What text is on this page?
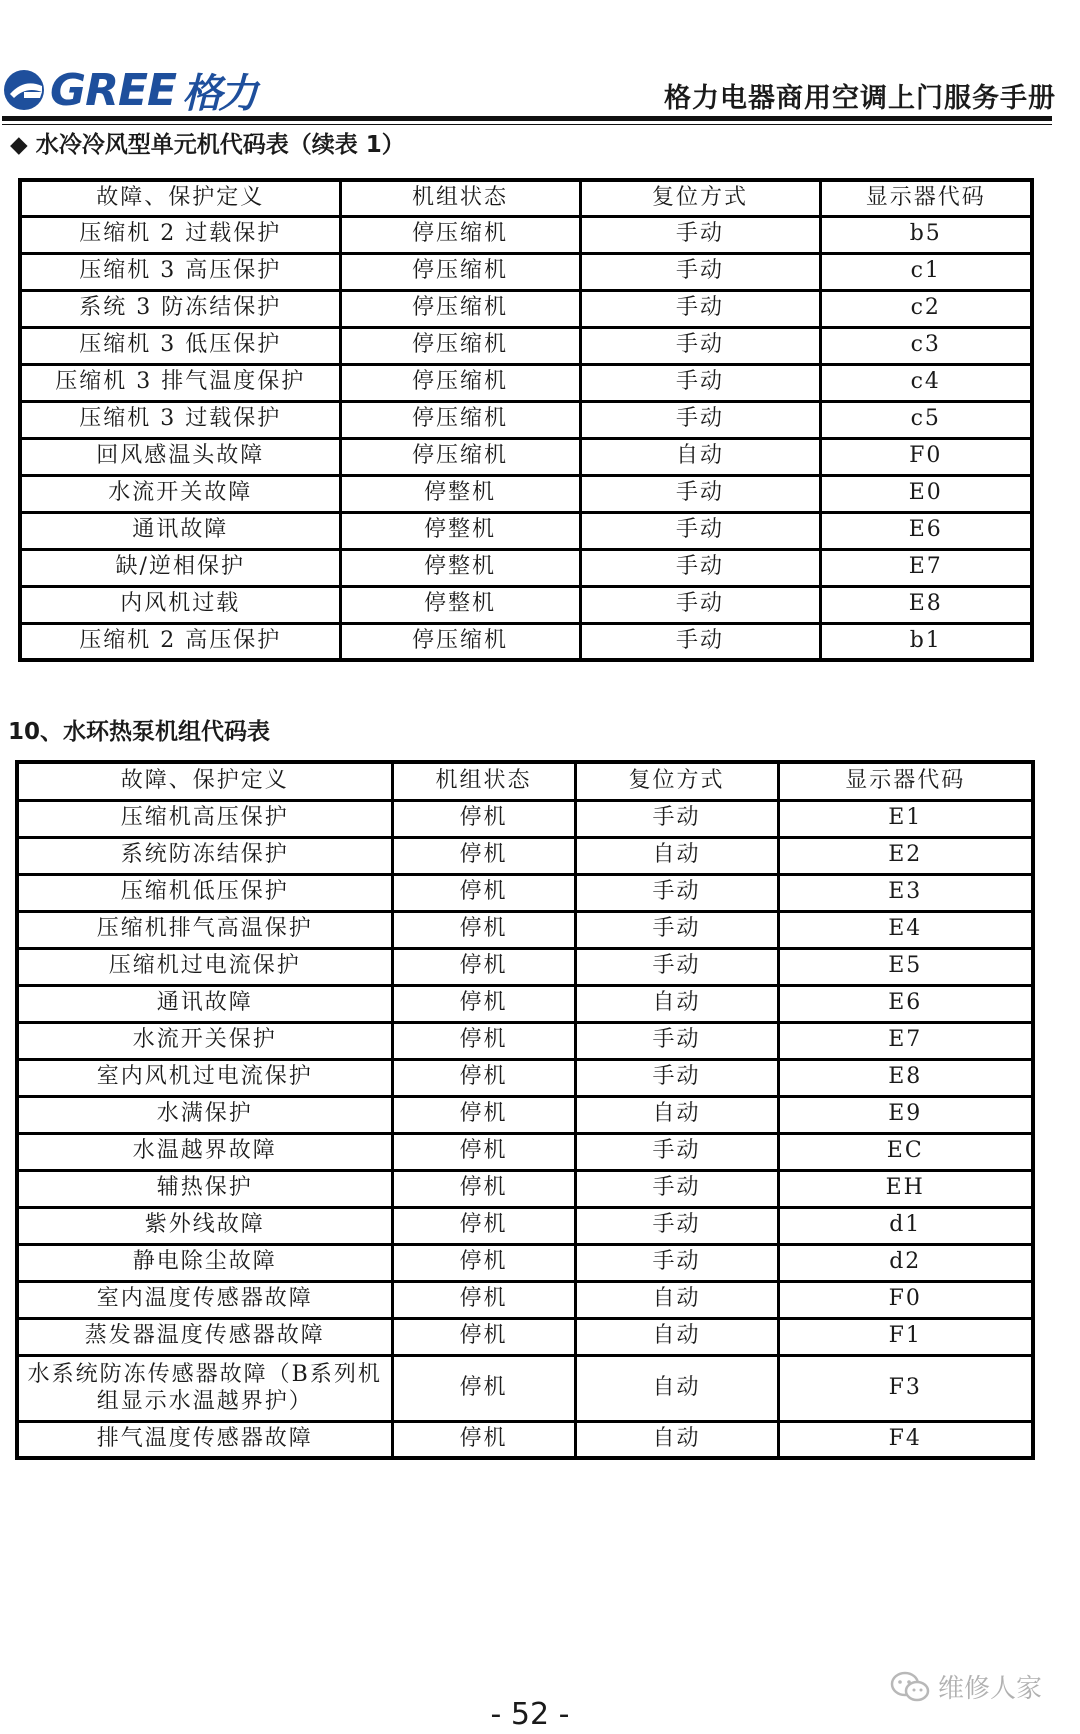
GREE 格力	格力电器商用空调上门服务手册
◆ 水冷冷风型单元机代码表（续表 1）
故障、保护定义	机组状态	复位方式	显示器代码
压缩机 2 过载保护	停压缩机	手动	b5
压缩机 3 高压保护	停压缩机	手动	c1
系统 3 防冻结保护	停压缩机	手动	c2
压缩机 3 低压保护	停压缩机	手动	c3
压缩机 3 排气温度保护	停压缩机	手动	c4
压缩机 3 过载保护	停压缩机	手动	c5
回风感温头故障	停压缩机	自动	F0
水流开关故障	停整机	手动	E0
通讯故障	停整机	手动	E6
缺/逆相保护	停整机	手动	E7
内风机过载	停整机	手动	E8
压缩机 2 高压保护	停压缩机	手动	b1
10、水环热泵机组代码表
故障、保护定义	机组状态	复位方式	显示器代码
压缩机高压保护	停机	手动	E1
系统防冻结保护	停机	自动	E2
压缩机低压保护	停机	手动	E3
压缩机排气高温保护	停机	手动	E4
压缩机过电流保护	停机	手动	E5
通讯故障	停机	自动	E6
水流开关保护	停机	手动	E7
室内风机过电流保护	停机	手动	E8
水满保护	停机	自动	E9
水温越界故障	停机	手动	EC
辅热保护	停机	手动	EH
紫外线故障	停机	手动	d1
静电除尘故障	停机	手动	d2
室内温度传感器故障	停机	自动	F0
蒸发器温度传感器故障	停机	自动	F1
水系统防冻传感器故障（B系列机组显示水温越界护）	停机	自动	F3
排气温度传感器故障	停机	自动	F4
- 52 -
维修人家
